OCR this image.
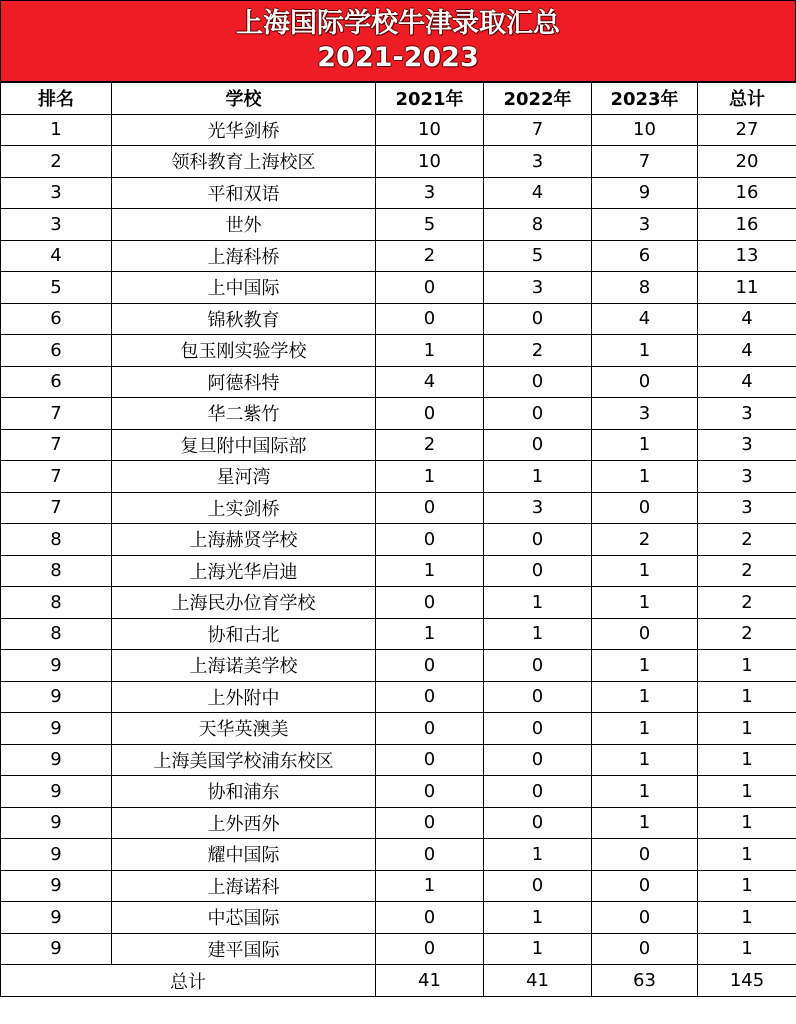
上海国际学校牛津录取汇总
2021-2023
排名	学校	2021年	2022年	2023年	总计
1	光华剑桥	10	7	10	27
2	领科教育上海校区	10	3	7	20
3	平和双语	3	4	9	16
3	世外	5	8	3	16
4	上海科桥	2	5	6	13
5	上中国际	0	3	8	11
6	锦秋教育	0	0	4	4
6	包玉刚实验学校	1	2	1	4
6	阿德科特	4	0	0	4
7	华二紫竹	0	0	3	3
7	复旦附中国际部	2	0	1	3
7	星河湾	1	1	1	3
7	上实剑桥	0	3	0	3
8	上海赫贤学校	0	0	2	2
8	上海光华启迪	1	0	1	2
8	上海民办位育学校	0	1	1	2
8	协和古北	1	1	0	2
9	上海诺美学校	0	0	1	1
9	上外附中	0	0	1	1
9	天华英澳美	0	0	1	1
9	上海美国学校浦东校区	0	0	1	1
9	协和浦东	0	0	1	1
9	上外西外	0	0	1	1
9	耀中国际	0	1	0	1
9	上海诺科	1	0	0	1
9	中芯国际	0	1	0	1
9	建平国际	0	1	0	1
总计		41	41	63	145
